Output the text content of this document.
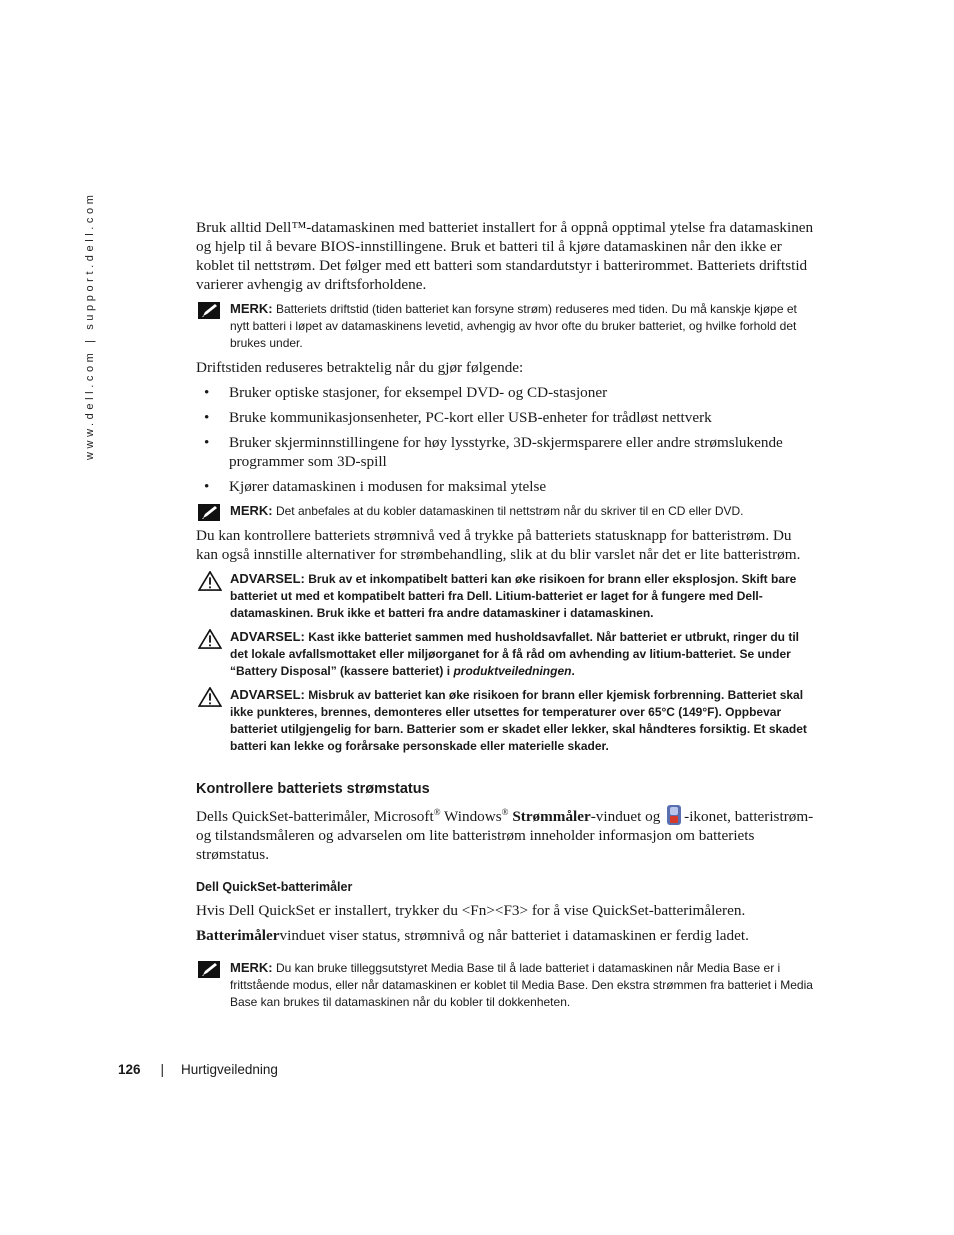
www.dell.com | support.dell.com	Bruk alltid Dell™-datamaskinen med batteriet installert for å oppnå opptimal ytelse fra datamaskinen og hjelp til å bevare BIOS-innstillingene. Bruk et batteri til å kjøre datamaskinen når den ikke er koblet til nettstrøm. Det følger med ett batteri som standardutstyr i batterirommet. Batteriets driftstid varierer avhengig av driftsforholdene.

MERK: Batteriets driftstid (tiden batteriet kan forsyne strøm) reduseres med tiden. Du må kanskje kjøpe et nytt batteri i løpet av datamaskinens levetid, avhengig av hvor ofte du bruker batteriet, og hvilke forhold det brukes under.

Driftstiden reduseres betraktelig når du gjør følgende:

• Bruker optiske stasjoner, for eksempel DVD- og CD-stasjoner
• Bruke kommunikasjonsenheter, PC-kort eller USB-enheter for trådløst nettverk
• Bruker skjerminnstillingene for høy lysstyrke, 3D-skjermsparere eller andre strømslukende programmer som 3D-spill
• Kjører datamaskinen i modusen for maksimal ytelse
MERK: Det anbefales at du kobler datamaskinen til nettstrøm når du skriver til en CD eller DVD.

Du kan kontrollere batteriets strømnivå ved å trykke på batteriets statusknapp for batteristrøm. Du kan også innstille alternativer for strømbehandling, slik at du blir varslet når det er lite batteristrøm.

ADVARSEL: Bruk av et inkompatibelt batteri kan øke risikoen for brann eller eksplosjon. Skift bare batteriet ut med et kompatibelt batteri fra Dell. Litium-batteriet er laget for å fungere med Dell-datamaskinen. Bruk ikke et batteri fra andre datamaskiner i datamaskinen.
ADVARSEL: Kast ikke batteriet sammen med husholdsavfallet. Når batteriet er utbrukt, ringer du til det lokale avfallsmottaket eller miljøorganet for å få råd om avhending av litium-batteriet. Se under “Battery Disposal” (kassere batteriet) i produktveiledningen.
ADVARSEL: Misbruk av batteriet kan øke risikoen for brann eller kjemisk forbrenning. Batteriet skal ikke punkteres, brennes, demonteres eller utsettes for temperaturer over 65°C (149°F). Oppbevar batteriet utilgjengelig for barn. Batterier som er skadet eller lekker, skal håndteres forsiktig. Et skadet batteri kan lekke og forårsake personskade eller materielle skader.
Kontrollere batteriets strømstatus

Dells QuickSet-batterimåler, Microsoft® Windows® Strømmåler-vinduet og -ikonet, batteristrøm- og tilstandsmåleren og advarselen om lite batteristrøm inneholder informasjon om batteriets strømstatus.

Dell QuickSet-batterimåler

Hvis Dell QuickSet er installert, trykker du <Fn><F3> for å vise QuickSet-batterimåleren.

Batterimålervinduet viser status, strømnivå og når batteriet i datamaskinen er ferdig ladet.

MERK: Du kan bruke tilleggsutstyret Media Base til å lade batteriet i datamaskinen når Media Base er i frittstående modus, eller når datamaskinen er koblet til Media Base. Den ekstra strømmen fra batteriet i Media Base kan brukes til datamaskinen når du kobler til dokkenheten.
126 | Hurtigveiledning
